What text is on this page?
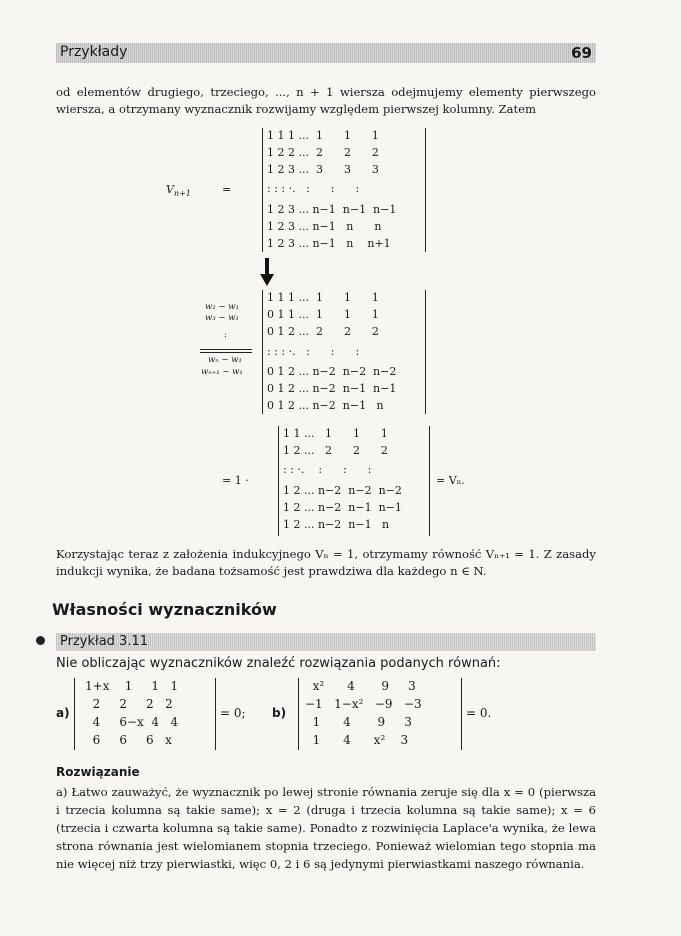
Przykłady	69
od elementów drugiego, trzeciego, ..., n + 1 wiersza odejmujemy elementy pierwszego wiersza, a otrzymany wyznacznik rozwijamy względem pierwszej kolumny. Zatem
$V_{n+1}$	=
1 1 1 ...  1      1      1
1 2 2 ...  2      2      2
1 2 3 ...  3      3      3
: : : ·.   :      :      :
1 2 3 ... n−1  n−1  n−1
1 2 3 ... n−1   n      n
1 2 3 ... n−1   n    n+1
w₂ − w₁
w₃ − w₁
:
wₙ − w₁
wₙ₊₁ − w₁
1 1 1 ...  1      1      1
0 1 1 ...  1      1      1
0 1 2 ...  2      2      2
: : : ·.   :      :      :
0 1 2 ... n−2  n−2  n−2
0 1 2 ... n−2  n−1  n−1
0 1 2 ... n−2  n−1   n
= 1 ·
1 1 ...   1      1      1
1 2 ...   2      2      2
: : ·.    :      :      :
1 2 ... n−2  n−2  n−2
1 2 ... n−2  n−1  n−1
1 2 ... n−2  n−1   n
= Vₙ.
Korzystając teraz z założenia indukcyjnego Vₙ = 1, otrzymamy równość Vₙ₊₁ = 1. Z zasady indukcji wynika, że badana tożsamość jest prawdziwa dla każdego n ∈ N.
Własności wyznaczników
Przykład 3.11
Nie obliczając wyznaczników znaleźć rozwiązania podanych równań:
a)
1+x    1     1   1
2     2     2   2
4     6−x  4   4
6     6     6   x
= 0; b)
x²      4       9     3
−1   1−x²   −9   −3
1      4       9     3
1      4      x²    3
= 0.
Rozwiązanie
a) Łatwo zauważyć, że wyznacznik po lewej stronie równania zeruje się dla x = 0 (pierwsza i trzecia kolumna są takie same); x = 2 (druga i trzecia kolumna są takie same); x = 6 (trzecia i czwarta kolumna są takie same). Ponadto z rozwinięcia Laplace'a wynika, że lewa strona równania jest wielomianem stopnia trzeciego. Ponieważ wielomian tego stopnia ma nie więcej niż trzy pierwiastki, więc 0, 2 i 6 są jedynymi pierwiastkami naszego równania.
